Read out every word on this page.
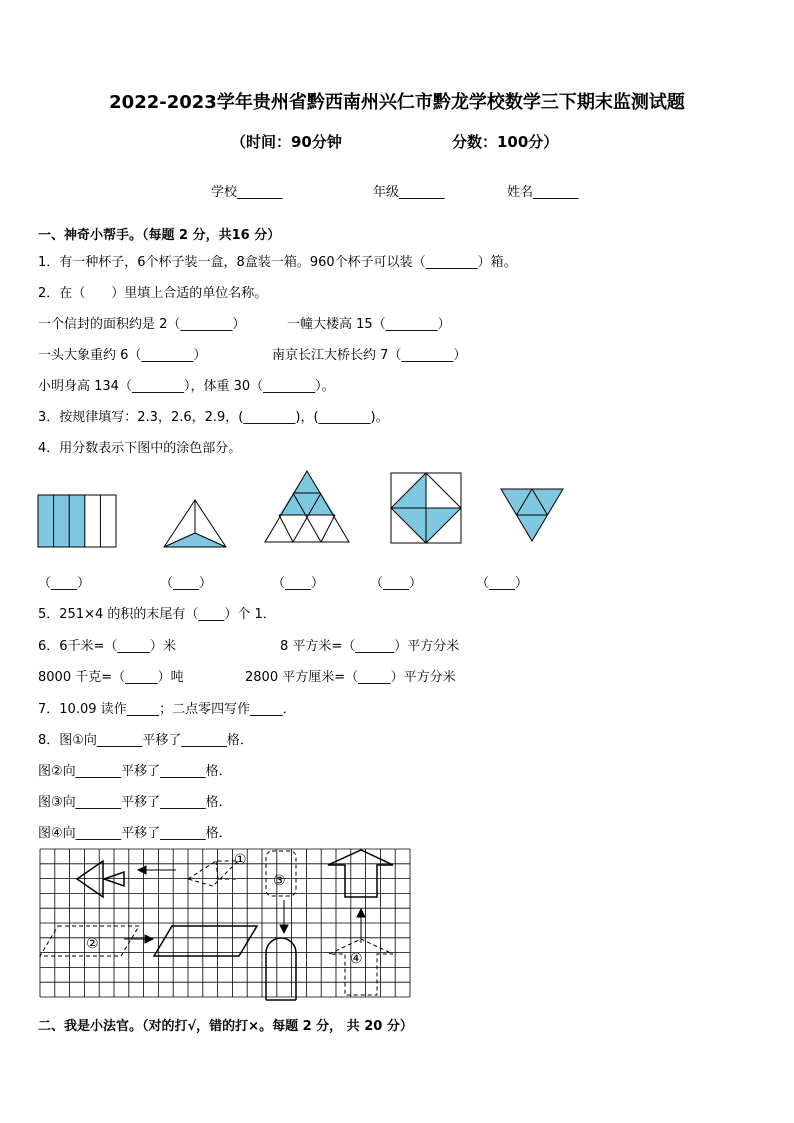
2022-2023学年贵州省黔西南州兴仁市黔龙学校数学三下期末监测试题
（时间：90分钟	分数：100分）
学校_______	年级_______	姓名_______
一、神奇小帮手。（每题 2 分，共16 分）
1．有一种杯子，6个杯子装一盒，8盒装一箱。960个杯子可以装（________）箱。
2．在（　　）里填上合适的单位名称。
一个信封的面积约是 2（________）	一幢大楼高 15（________）
一头大象重约 6（________）	南京长江大桥长约 7（________）
小明身高 134（________），体重 30（________）。
3．按规律填写：2.3，2.6，2.9，(________)，(________)。
4．用分数表示下图中的涂色部分。
（____）	（____）	（____）	（____）	（____）
5．251×4 的积的末尾有（____）个 1．
6．6千米=（_____）米	8 平方米=（______）平方分米
8000 千克=（_____）吨	2800 平方厘米=（_____）平方分米
7．10.09 读作_____；二点零四写作_____．
8．图①向_______平移了_______格．
图②向_______平移了_______格．
图③向_______平移了_______格．
图④向_______平移了_______格．
①
③
②
④
二、我是小法官。（对的打√，错的打×。每题 2 分， 共 20 分）
